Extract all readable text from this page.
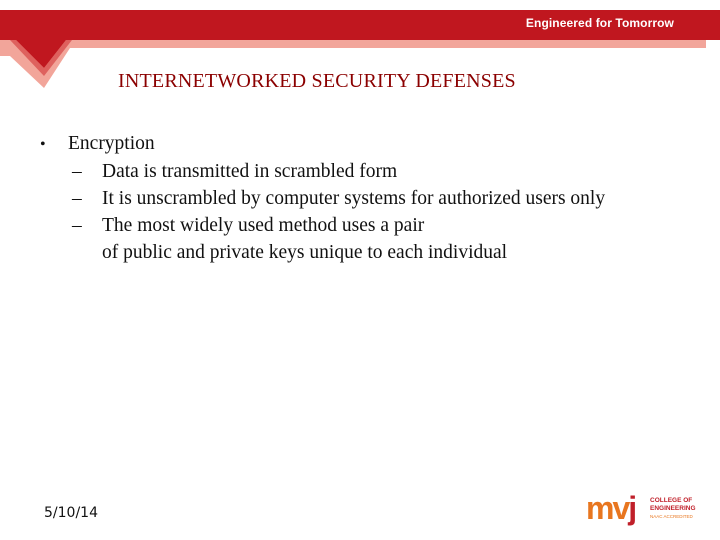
Engineered for Tomorrow
INTERNETWORKED SECURITY DEFENSES
•	Encryption
–	Data is transmitted in scrambled form
–	It is unscrambled by computer systems for authorized users only
–	The most widely used method uses a pair
of public and private keys unique to each individual
5/10/14	mvj COLLEGE OF
ENGINEERING
NAAC ACCREDITED
